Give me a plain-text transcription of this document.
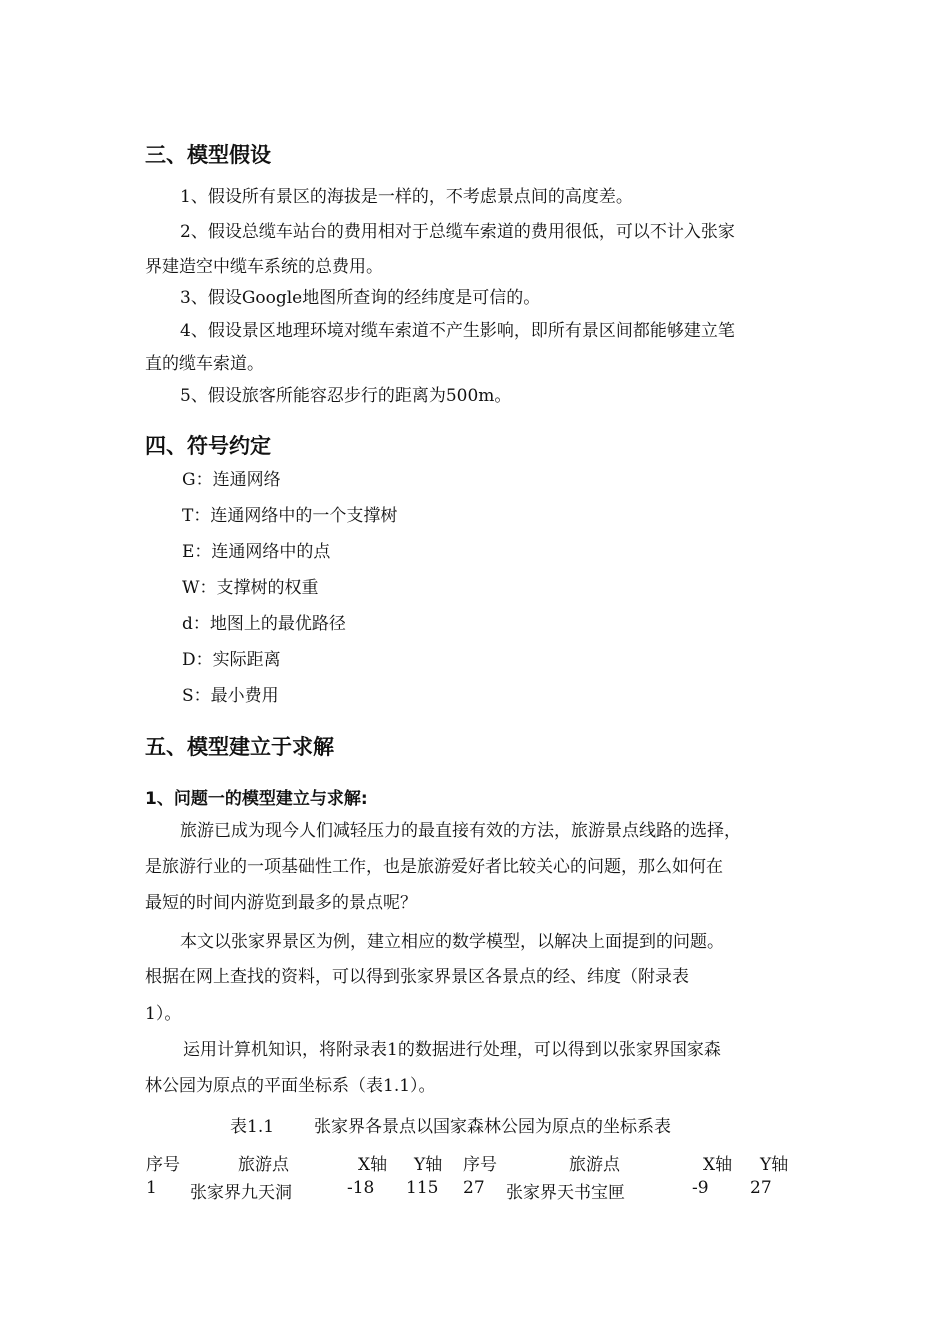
三、模型假设
1、假设所有景区的海拔是一样的，不考虑景点间的高度差。
2、假设总缆车站台的费用相对于总缆车索道的费用很低，可以不计入张家
界建造空中缆车系统的总费用。
3、假设Google地图所查询的经纬度是可信的。
4、假设景区地理环境对缆车索道不产生影响，即所有景区间都能够建立笔
直的缆车索道。
5、假设旅客所能容忍步行的距离为500m。
四、符号约定
G：连通网络
T：连通网络中的一个支撑树
E：连通网络中的点
W：支撑树的权重
d：地图上的最优路径
D：实际距离
S：最小费用
五、模型建立于求解
1、问题一的模型建立与求解:
旅游已成为现今人们减轻压力的最直接有效的方法，旅游景点线路的选择，
是旅游行业的一项基础性工作，也是旅游爱好者比较关心的问题，那么如何在
最短的时间内游览到最多的景点呢？
本文以张家界景区为例，建立相应的数学模型，以解决上面提到的问题。
根据在网上查找的资料，可以得到张家界景区各景点的经、纬度（附录表
1）。
运用计算机知识，将附录表1的数据进行处理，可以得到以张家界国家森
林公园为原点的平面坐标系（表1.1）。
表1.1 张家界各景点以国家森林公园为原点的坐标系表
序号	旅游点	X轴 Y轴 序号	旅游点	X轴 Y轴
1 张家界九天洞	-18 115 27 张家界天书宝匣	-9 27
